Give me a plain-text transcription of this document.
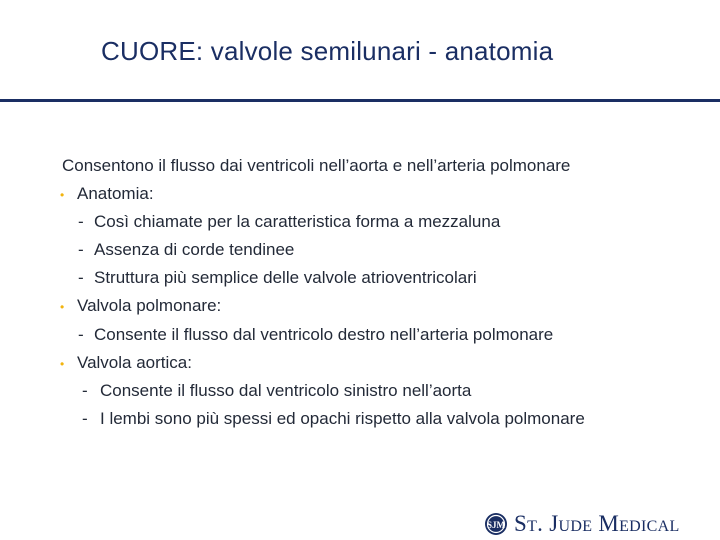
CUORE: valvole semilunari - anatomia
Consentono il flusso dai ventricoli nell’aorta e nell’arteria polmonare
• Anatomia:
- Così chiamate per la caratteristica forma a mezzaluna
- Assenza di corde tendinee
- Struttura più semplice delle valvole atrioventricolari
• Valvola polmonare:
- Consente il flusso dal ventricolo destro nell’arteria polmonare
• Valvola aortica:
- Consente il flusso dal ventricolo sinistro nell’aorta
- I lembi sono più spessi ed opachi rispetto alla valvola polmonare
SJM St. Jude Medical
